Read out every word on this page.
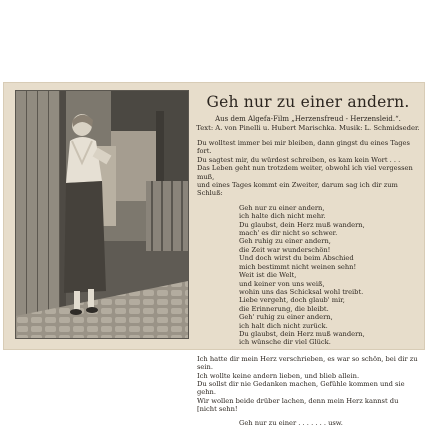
Geh nur zu einer andern.
Aus dem Algefa-Film „Herzensfreud - Herzensleid.“.
Text: A. von Pinelli u. Hubert Marischka. Musik: L. Schmidseder.
Du wolltest immer bei mir bleiben, dann gingst du eines Tages fort.
Du sagtest mir, du würdest schreiben, es kam kein Wort . . .
Das Leben geht nun trotzdem weiter, obwohl ich viel vergessen muß,
und eines Tages kommt ein Zweiter, darum sag ich dir zum Schluß:
Geh nur zu einer andern,
ich halte dich nicht mehr.
Du glaubst, dein Herz muß wandern,
mach' es dir nicht so schwer.
Geh ruhig zu einer andern,
die Zeit war wunderschön!
Und doch wirst du beim Abschied
mich bestimmt nicht weinen sehn!
Weit ist die Welt,
und keiner von uns weiß,
wohin uns das Schicksal wohl treibt.
Liebe vergeht, doch glaub' mir,
die Erinnerung, die bleibt.
Geh' ruhig zu einer andern,
ich halt dich nicht zurück.
Du glaubst, dein Herz muß wandern,
ich wünsche dir viel Glück.
Ich hatte dir mein Herz verschrieben, es war so schön, bei dir zu sein.
Ich wollte keine andern lieben, und blieb allein.
Du sollst dir nie Gedanken machen, Gefühle kommen und sie gehn.
Wir wollen beide drüber lachen, denn mein Herz kannst du
[nicht sehn!
Geh nur zu einer . . . . . . . usw.
